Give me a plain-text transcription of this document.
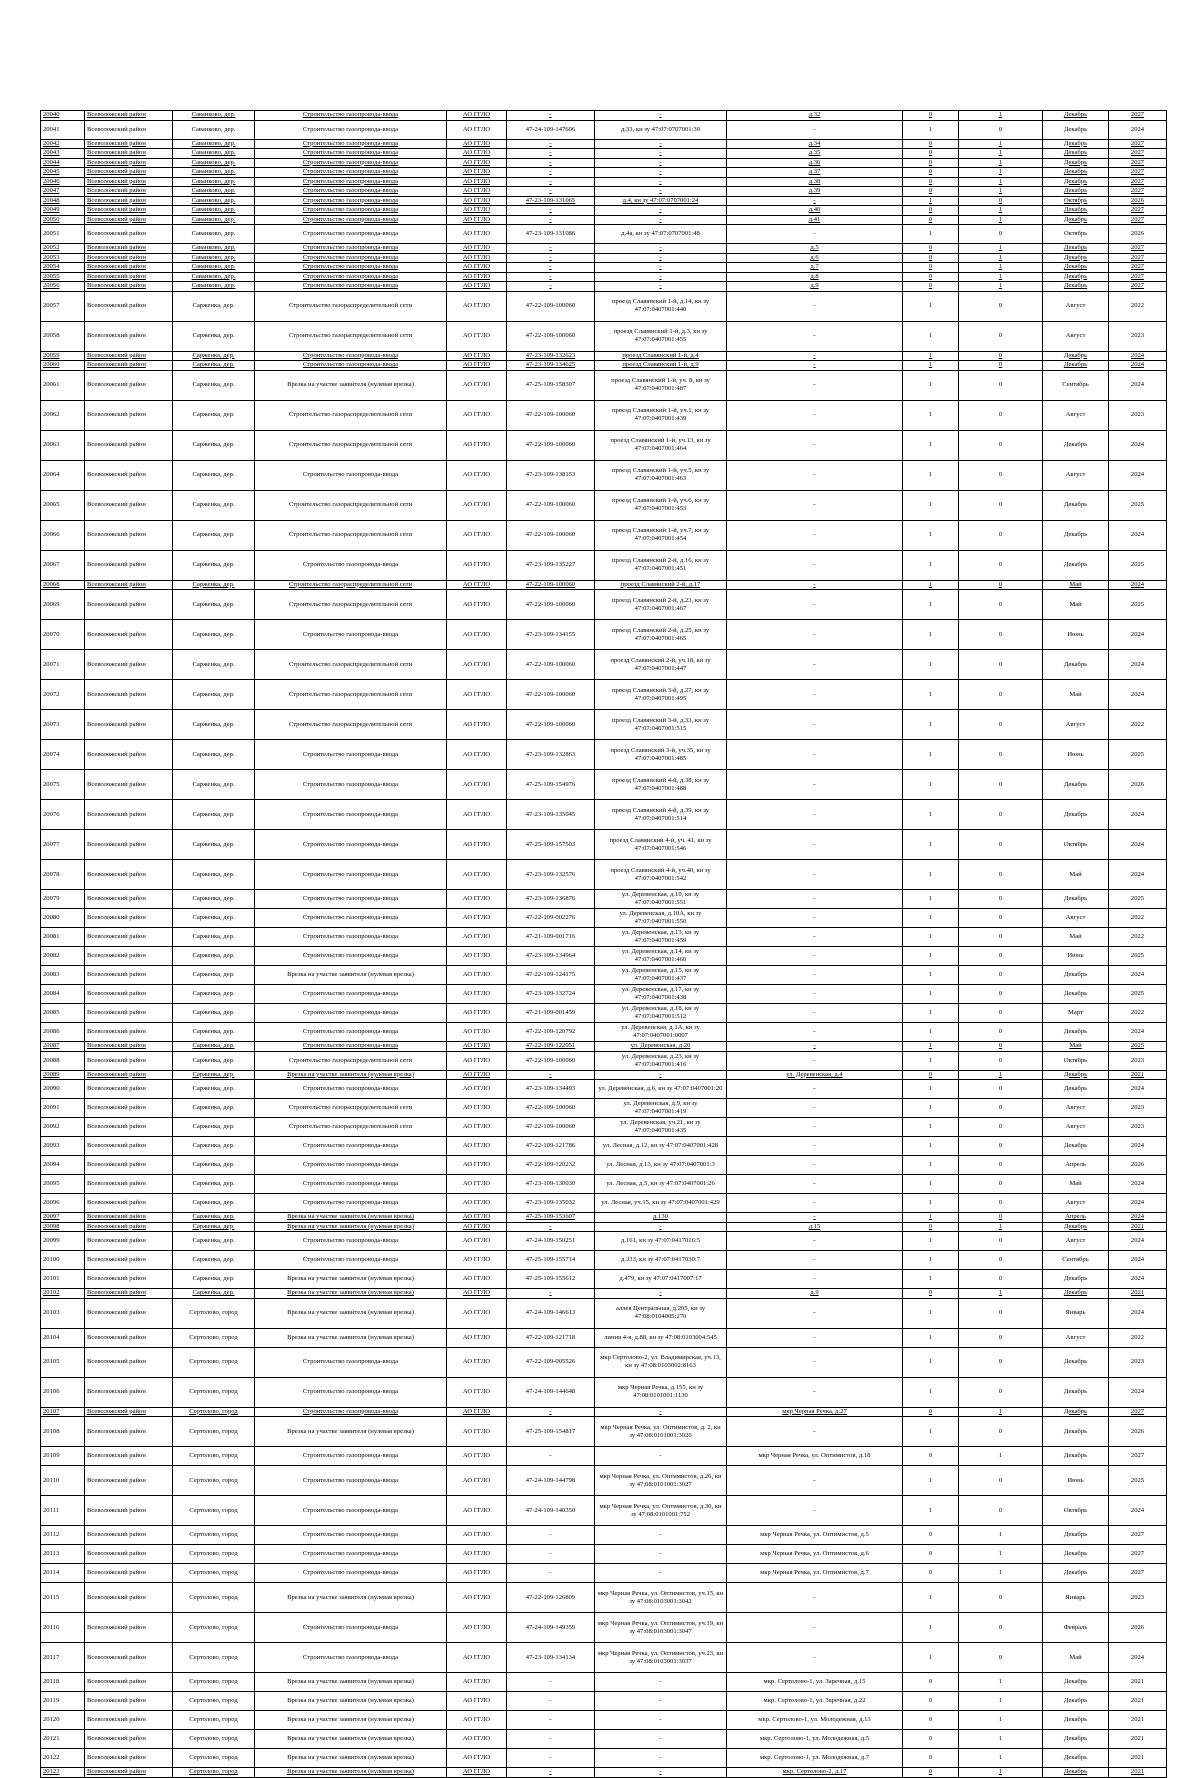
20040	Всеволожский район	Саванково, дер.	Строительство газопровода-ввода	АО ГГЛО	-	-	д.32	0	1	Декабрь	2027
20041	Всеволожский район	Саванково, дер.	Строительство газопровода-ввода	АО ГГЛО	47-24-109-147606	д.33, кн зу 47:07:0707001:30	-	1	0	Декабрь	2024
20042	Всеволожский район	Саванково, дер.	Строительство газопровода-ввода	АО ГГЛО	-	-	д.34	0	1	Декабрь	2027
20043	Всеволожский район	Саванково, дер.	Строительство газопровода-ввода	АО ГГЛО	-	-	д.35	0	1	Декабрь	2027
20044	Всеволожский район	Саванково, дер.	Строительство газопровода-ввода	АО ГГЛО	-	-	д.36	0	1	Декабрь	2027
20045	Всеволожский район	Саванково, дер.	Строительство газопровода-ввода	АО ГГЛО	-	-	д.37	0	1	Декабрь	2027
20046	Всеволожский район	Саванково, дер.	Строительство газопровода-ввода	АО ГГЛО	-	-	д.38	0	1	Декабрь	2027
20047	Всеволожский район	Саванково, дер.	Строительство газопровода-ввода	АО ГГЛО	-	-	д.39	0	1	Декабрь	2027
20048	Всеволожский район	Саванково, дер.	Строительство газопровода-ввода	АО ГГЛО	47-23-109-131065	д.4, кн зу 47:07:0707001:24	-	1	0	Октябрь	2026
20049	Всеволожский район	Саванково, дер.	Строительство газопровода-ввода	АО ГГЛО	-	-	д.40	0	1	Декабрь	2027
20050	Всеволожский район	Саванково, дер.	Строительство газопровода-ввода	АО ГГЛО	-	-	д.41	0	1	Декабрь	2027
20051	Всеволожский район	Саванково, дер.	Строительство газопровода-ввода	АО ГГЛО	47-23-109-131086	д.4а, кн зу 47:07:0707001:48	-	1	0	Октябрь	2026
20052	Всеволожский район	Саванково, дер.	Строительство газопровода-ввода	АО ГГЛО	-	-	д.5	0	1	Декабрь	2027
20053	Всеволожский район	Саванково, дер.	Строительство газопровода-ввода	АО ГГЛО	-	-	д.6	0	1	Декабрь	2027
20054	Всеволожский район	Саванково, дер.	Строительство газопровода-ввода	АО ГГЛО	-	-	д.7	0	1	Декабрь	2027
20055	Всеволожский район	Саванково, дер.	Строительство газопровода-ввода	АО ГГЛО	-	-	д.8	0	1	Декабрь	2027
20056	Всеволожский район	Саванково, дер.	Строительство газопровода-ввода	АО ГГЛО	-	-	д.9	0	1	Декабрь	2027
20057	Всеволожский район	Сарженка, дер.	Строительство газораспределительной сети	АО ГГЛО	47-22-109-100060	проезд Славянский 1-й, д.14, кн зу 47:07:0407001:440	-	1	0	Август	2022
20058	Всеволожский район	Сарженка, дер.	Строительство газораспределительной сети	АО ГГЛО	47-22-109-100060	проезд Славянский 1-й, д.3, кн зу 47:07:0407001:455	-	1	0	Август	2023
20059	Всеволожский район	Сарженка, дер.	Строительство газопровода-ввода	АО ГГЛО	47-23-109-132623	проезд Славянский 1-й, д.4	-	1	0	Декабрь	2024
20060	Всеволожский район	Сарженка, дер.	Строительство газопровода-ввода	АО ГГЛО	47-23-109-134625	проезд Славянский 1-й, д.9	-	1	0	Декабрь	2024
20061	Всеволожский район	Сарженка, дер.	Врезка на участке заявителя (нулевая врезка)	АО ГГЛО	47-25-109-158307	проезд Славянский 1-й, уч. 8, кн зу 47:07:0407001:487	-	1	0	Сентябрь	2024
20062	Всеволожский район	Сарженка, дер.	Строительство газораспределительной сети	АО ГГЛО	47-22-109-100060	проезд Славянский 1-й, уч.1, кн зу 47:07:0407001:439	-	1	0	Август	2023
20063	Всеволожский район	Сарженка, дер.	Строительство газораспределительной сети	АО ГГЛО	47-22-109-100060	проезд Славянский 1-й, уч.13, кн зу 47:07:0407001:464	-	1	0	Декабрь	2024
20064	Всеволожский район	Сарженка, дер.	Строительство газопровода-ввода	АО ГГЛО	47-23-109-138153	проезд Славянский 1-й, уч.5, кн зу 47:07:0407001:463	-	1	0	Август	2024
20065	Всеволожский район	Сарженка, дер.	Строительство газораспределительной сети	АО ГГЛО	47-22-109-100060	проезд Славянский 1-й, уч.6, кн зу 47:07:0407001:453	-	1	0	Декабрь	2025
20066	Всеволожский район	Сарженка, дер.	Строительство газораспределительной сети	АО ГГЛО	47-22-109-100060	проезд Славянский 1-й, уч.7, кн зу 47:07:0407001:454	-	1	0	Декабрь	2024
20067	Всеволожский район	Сарженка, дер.	Строительство газопровода-ввода	АО ГГЛО	47-23-109-135227	проезд Славянский 2-й, д.16, кн зу 47:07:0407001:451	-	1	0	Декабрь	2025
20068	Всеволожский район	Сарженка, дер.	Строительство газораспределительной сети	АО ГГЛО	47-22-109-100060	проезд Славянский 2-й, д.17	-	1	0	Май	2024
20069	Всеволожский район	Сарженка, дер.	Строительство газораспределительной сети	АО ГГЛО	47-22-109-100060	проезд Славянский 2-й, д.23, кн зу 47:07:0407001:467	-	1	0	Май	2025
20070	Всеволожский район	Сарженка, дер.	Строительство газопровода-ввода	АО ГГЛО	47-23-109-134155	проезд Славянский 2-й, д.25, кн зу 47:07:0407001:465	-	1	0	Июнь	2024
20071	Всеволожский район	Сарженка, дер.	Строительство газораспределительной сети	АО ГГЛО	47-22-109-100060	проезд Славянский 2-й, уч.18, кн зу 47:07:0407001:447	-	1	0	Декабрь	2024
20072	Всеволожский район	Сарженка, дер.	Строительство газораспределительной сети	АО ГГЛО	47-22-109-100060	проезд Славянский 3-й, д.27, кн зу 47:07:0407001:495	-	1	0	Май	2024
20073	Всеволожский район	Сарженка, дер.	Строительство газораспределительной сети	АО ГГЛО	47-22-109-100060	проезд Славянский 3-й, д.33, кн зу 47:07:0407001:515	-	1	0	Август	2022
20074	Всеволожский район	Сарженка, дер.	Строительство газопровода-ввода	АО ГГЛО	47-23-109-132863	проезд Славянский 3-й, уч.35, кн зу 47:07:0407001:485	-	1	0	Июнь	2025
20075	Всеволожский район	Сарженка, дер.	Строительство газопровода-ввода	АО ГГЛО	47-25-109-154976	проезд Славянский 4-й, д.38, кн зу 47:07:0407001:488	-	1	0	Декабрь	2026
20076	Всеволожский район	Сарженка, дер.	Строительство газопровода-ввода	АО ГГЛО	47-23-109-135045	проезд Славянский 4-й, д.39, кн зу 47:07:0407001:514	-	1	0	Декабрь	2024
20077	Всеволожский район	Сарженка, дер.	Строительство газопровода-ввода	АО ГГЛО	47-25-109-157503	проезд Славянский 4-й, уч. 41, кн зу 47:07:0407001:546	-	1	0	Октябрь	2024
20078	Всеволожский район	Сарженка, дер.	Строительство газопровода-ввода	АО ГГЛО	47-23-109-132576	проезд Славянский 4-й, уч.40, кн зу 47:07:0407001:542	-	1	0	Май	2024
20079	Всеволожский район	Сарженка, дер.	Строительство газопровода-ввода	АО ГГЛО	47-23-109-136876	ул. Деревенская, д.10, кн зу 47:07:0407001:551	-	1	0	Декабрь	2025
20080	Всеволожский район	Сарженка, дер.	Строительство газопровода-ввода	АО ГГЛО	47-22-109-002276	ул. Деревенская, д.10А, кн зу 47:07:0407001:550	-	1	0	Август	2022
20081	Всеволожский район	Сарженка, дер.	Строительство газопровода-ввода	АО ГГЛО	47-21-109-001716	ул. Деревенская, д.13, кн зу 47:07:0407001:459	-	1	0	Май	2022
20082	Всеволожский район	Сарженка, дер.	Строительство газопровода-ввода	АО ГГЛО	47-23-109-134964	ул. Деревенская, д.14, кн зу 47:07:0407001:460	-	1	0	Июнь	2025
20083	Всеволожский район	Сарженка, дер.	Врезка на участке заявителя (нулевая врезка)	АО ГГЛО	47-22-109-124175	ул. Деревенская, д.15, кн зу 47:07:0407001:437	-	1	0	Декабрь	2024
20084	Всеволожский район	Сарженка, дер.	Строительство газопровода-ввода	АО ГГЛО	47-23-109-132724	ул. Деревенская, д.17, кн зу 47:07:0407001:438	-	1	0	Декабрь	2025
20085	Всеволожский район	Сарженка, дер.	Строительство газопровода-ввода	АО ГГЛО	47-21-109-001459	ул. Деревенская, д.18, кн зу 47:07:0407001:512	-	1	0	Март	2022
20086	Всеволожский район	Сарженка, дер.	Строительство газопровода-ввода	АО ГГЛО	47-22-109-120792	ул. Деревенская, д.1А, кн зу 47:07:0407001:0007	-	1	0	Декабрь	2024
20087	Всеволожский район	Сарженка, дер.	Строительство газопровода-ввода	АО ГГЛО	47-22-109-122051	ул. Деревенская, д.20	-	1	0	Май	2025
20088	Всеволожский район	Сарженка, дер.	Строительство газораспределительной сети	АО ГГЛО	47-22-109-100060	ул. Деревенская, д.23, кн зу 47:07:0407001:416	-	1	0	Октябрь	2023
20089	Всеволожский район	Сарженка, дер.	Врезка на участке заявителя (нулевая врезка)	АО ГГЛО	-	-	ул. Деревенская, д.4	0	1	Декабрь	2021
20090	Всеволожский район	Сарженка, дер.	Строительство газопровода-ввода	АО ГГЛО	47-23-109-134493	ул. Деревенская, д.6, кн зу 47:07:0407001:20	-	1	0	Декабрь	2024
20091	Всеволожский район	Сарженка, дер.	Строительство газораспределительной сети	АО ГГЛО	47-22-109-100060	ул. Деревенская, д.9, кн зу 47:07:0407001:419	-	1	0	Август	2023
20092	Всеволожский район	Сарженка, дер.	Строительство газораспределительной сети	АО ГГЛО	47-22-109-100060	ул. Деревенская, уч.21, кн зу 47:07:0407001:435	-	1	0	Август	2023
20093	Всеволожский район	Сарженка, дер.	Строительство газопровода-ввода	АО ГГЛО	47-22-109-121786	ул. Лесная, д.12, кн зу 47:07:0407001:428	-	1	0	Декабрь	2024
20094	Всеволожский район	Сарженка, дер.	Строительство газопровода-ввода	АО ГГЛО	47-22-109-120232	ул. Лесная, д.13, кн зу 47:07:0407001:3	-	1	0	Апрель	2026
20095	Всеволожский район	Сарженка, дер.	Строительство газопровода-ввода	АО ГГЛО	47-23-109-130030	ул. Лесная, д.5, кн зу 47:07:0407001:26	-	1	0	Май	2024
20096	Всеволожский район	Сарженка, дер.	Строительство газопровода-ввода	АО ГГЛО	47-23-109-135032	ул. Лесная, уч.15, кн зу 47:07:0407001:429	-	1	0	Август	2024
20097	Всеволожский район	Сарженка, дер.	Врезка на участке заявителя (нулевая врезка)	АО ГГЛО	47-25-109-153607	д.130	-	1	0	Апрель	2024
20098	Всеволожский район	Сарженка, дер.	Врезка на участке заявителя (нулевая врезка)	АО ГГЛО	-	-	д.15	0	1	Декабрь	2021
20099	Всеволожский район	Сарженка, дер.	Строительство газопровода-ввода	АО ГГЛО	47-24-109-150251	д.161, кн зу 47:07:0417016:5	-	1	0	Август	2024
20100	Всеволожский район	Сарженка, дер.	Строительство газопровода-ввода	АО ГГЛО	47-25-109-155714	д.333, кн зу 47:07:0417030:7	-	1	0	Сентябрь	2024
20101	Всеволожский район	Сарженка, дер.	Врезка на участке заявителя (нулевая врезка)	АО ГГЛО	47-25-109-155612	д.479, кн зу 47:07:0417007:17	-	1	0	Декабрь	2024
20102	Всеволожский район	Сарженка, дер.	Врезка на участке заявителя (нулевая врезка)	АО ГГЛО	-	-	д.9	0	1	Декабрь	2021
20103	Всеволожский район	Сертолово, город	Врезка на участке заявителя (нулевая врезка)	АО ГГЛО	47-24-109-146613	аллея Центральная, д.205, кн зу 47:08:0104005:270	-	1	0	Январь	2024
20104	Всеволожский район	Сертолово, город	Врезка на участке заявителя (нулевая врезка)	АО ГГЛО	47-22-109-121718	линия 4-я, д.88, кн зу 47:08:0103004:545	-	1	0	Август	2022
20105	Всеволожский район	Сертолово, город	Строительство газопровода-ввода	АО ГГЛО	47-22-109-005526	мкр Сертолово-2, ул. Владимирская, уч.13, кн зу 47:08:0103002:8163	-	1	0	Декабрь	2023
20106	Всеволожский район	Сертолово, город	Строительство газопровода-ввода	АО ГГЛО	47-24-109-144648	мкр Черная Речка, д.155, кн зу 47:08:0101001:1130	-	1	0	Декабрь	2024
20107	Всеволожский район	Сертолово, город	Строительство газопровода-ввода	АО ГГЛО	-	-	мкр Черная Речка, д.27	0	1	Декабрь	2027
20108	Всеволожский район	Сертолово, город	Врезка на участке заявителя (нулевая врезка)	АО ГГЛО	47-25-109-154817	мкр Черная Речка, ул. Оптимистов, д. 2, кн зу 47:08:0101001:3026	-	1	0	Декабрь	2026
20109	Всеволожский район	Сертолово, город	Строительство газопровода-ввода	АО ГГЛО	-	-	мкр Черная Речка, ул. Оптимистов, д.18	0	1	Декабрь	2027
20110	Всеволожский район	Сертолово, город	Строительство газопровода-ввода	АО ГГЛО	47-24-109-144798	мкр Черная Речка, ул. Оптимистов, д.26, кн зу 47:08:0101001:3027	-	1	0	Июнь	2025
20111	Всеволожский район	Сертолово, город	Строительство газопровода-ввода	АО ГГЛО	47-24-109-140350	мкр Черная Речка, ул. Оптимистов, д.30, кн зу 47:08:0101001:752	-	1	0	Октябрь	2024
20112	Всеволожский район	Сертолово, город	Строительство газопровода-ввода	АО ГГЛО	-	-	мкр Черная Речка, ул. Оптимистов, д.5	0	1	Декабрь	2027
20113	Всеволожский район	Сертолово, город	Строительство газопровода-ввода	АО ГГЛО	-	-	мкр Черная Речка, ул. Оптимистов, д.6	0	1	Декабрь	2027
20114	Всеволожский район	Сертолово, город	Строительство газопровода-ввода	АО ГГЛО	-	-	мкр Черная Речка, ул. Оптимистов, д.7	0	1	Декабрь	2027
20115	Всеволожский район	Сертолово, город	Врезка на участке заявителя (нулевая врезка)	АО ГГЛО	47-22-109-126809	мкр Черная Речка, ул. Оптимистов, уч.15, кн зу 47:08:0103001:3042	-	1	0	Январь	2023
20116	Всеволожский район	Сертолово, город	Строительство газопровода-ввода	АО ГГЛО	47-24-109-149359	мкр Черная Речка, ул. Оптимистов, уч.19, кн зу 47:08:0103001:3047	-	1	0	Февраль	2026
20117	Всеволожский район	Сертолово, город	Строительство газопровода-ввода	АО ГГЛО	47-23-109-134134	мкр Черная Речка, ул. Оптимистов, уч.23, кн зу 47:08:0103001:3037	-	1	0	Май	2024
20118	Всеволожский район	Сертолово, город	Врезка на участке заявителя (нулевая врезка)	АО ГГЛО	-	-	мкр. Сертолово-1, ул. Заречная, д.15	0	1	Декабрь	2021
20119	Всеволожский район	Сертолово, город	Врезка на участке заявителя (нулевая врезка)	АО ГГЛО	-	-	мкр. Сертолово-1, ул. Заречная, д.22	0	1	Декабрь	2021
20120	Всеволожский район	Сертолово, город	Врезка на участке заявителя (нулевая врезка)	АО ГГЛО	-	-	мкр. Сертолово-1, ул. Молодежная, д.13	0	1	Декабрь	2021
20121	Всеволожский район	Сертолово, город	Врезка на участке заявителя (нулевая врезка)	АО ГГЛО	-	-	мкр. Сертолово-1, ул. Молодежная, д.5	0	1	Декабрь	2021
20122	Всеволожский район	Сертолово, город	Врезка на участке заявителя (нулевая врезка)	АО ГГЛО	-	-	мкр. Сертолово-1, ул. Молодежная, д.7	0	1	Декабрь	2021
20123	Всеволожский район	Сертолово, город	Врезка на участке заявителя (нулевая врезка)	АО ГГЛО	-	-	мкр. Сертолово-2, д.17	0	1	Декабрь	2021
